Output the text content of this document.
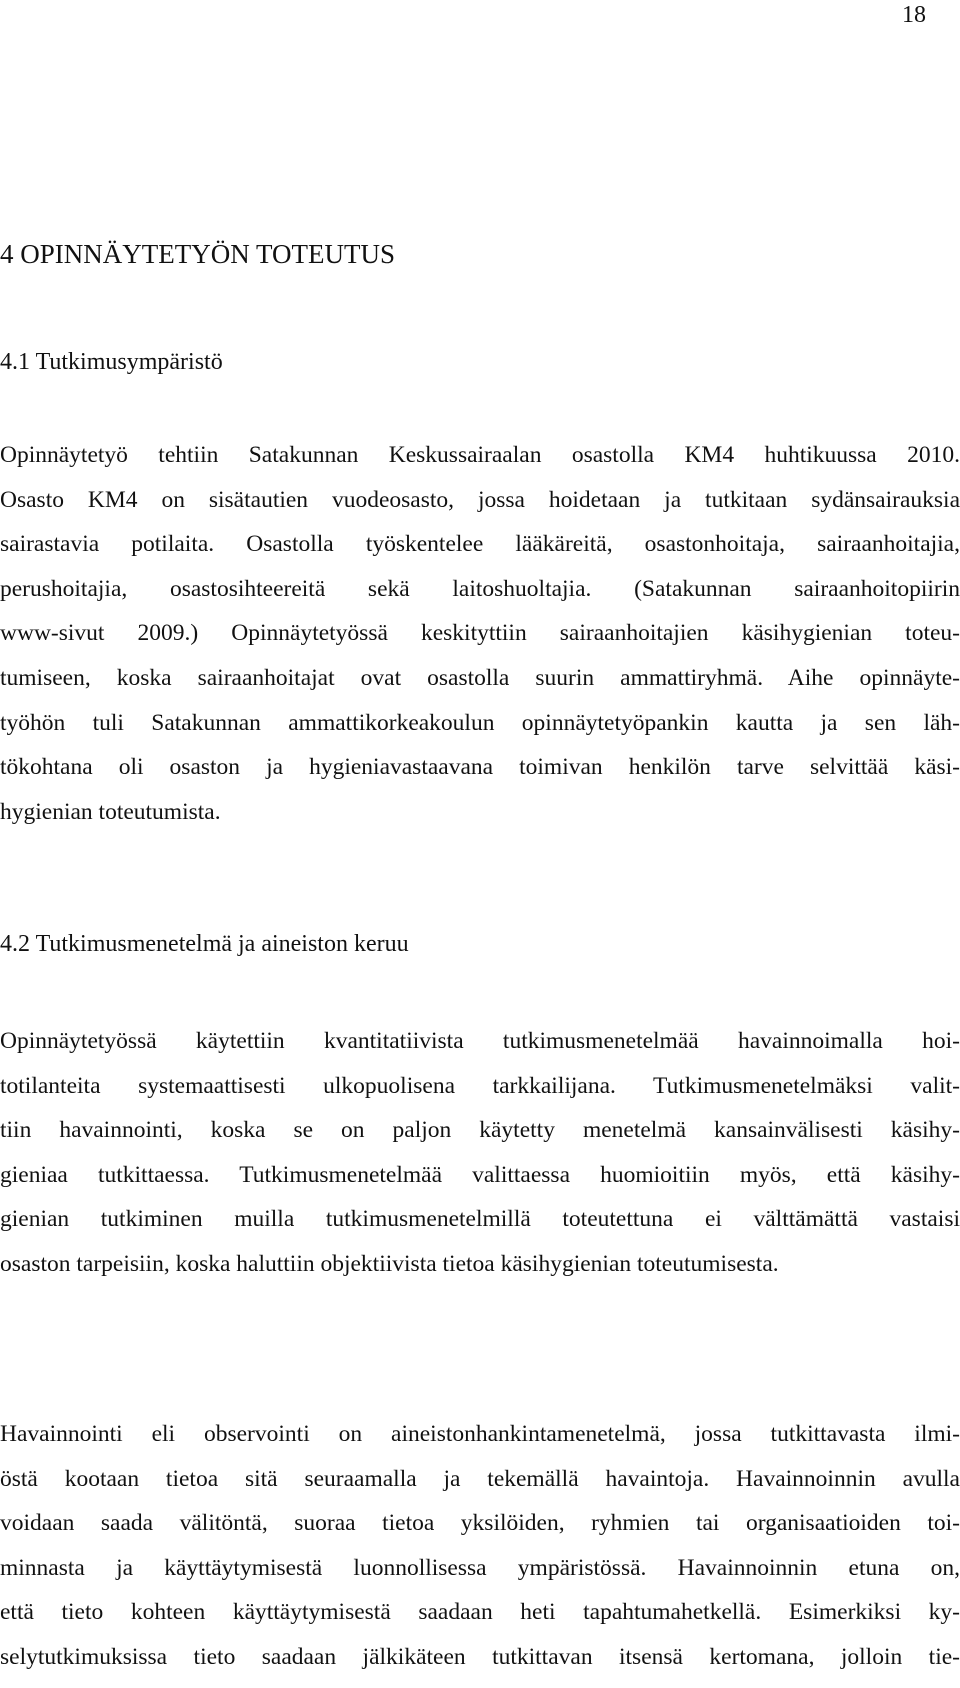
18
4 OPINNÄYTETYÖN TOTEUTUS
4.1 Tutkimusympäristö
Opinnäytetyö tehtiin Satakunnan Keskussairaalan osastolla KM4 huhtikuussa 2010.
Osasto KM4 on sisätautien vuodeosasto, jossa hoidetaan ja tutkitaan sydänsairauksia
sairastavia potilaita. Osastolla työskentelee lääkäreitä, osastonhoitaja, sairaanhoitajia,
perushoitajia, osastosihteereitä sekä laitoshuoltajia. (Satakunnan sairaanhoitopiirin
www-sivut 2009.) Opinnäytetyössä keskityttiin sairaanhoitajien käsihygienian toteu-
tumiseen, koska sairaanhoitajat ovat osastolla suurin ammattiryhmä. Aihe opinnäyte-
työhön tuli Satakunnan ammattikorkeakoulun opinnäytetyöpankin kautta ja sen läh-
tökohtana oli osaston ja hygieniavastaavana toimivan henkilön tarve selvittää käsi-
hygienian toteutumista.
4.2 Tutkimusmenetelmä ja aineiston keruu
Opinnäytetyössä käytettiin kvantitatiivista tutkimusmenetelmää havainnoimalla hoi-
totilanteita systemaattisesti ulkopuolisena tarkkailijana. Tutkimusmenetelmäksi valit-
tiin havainnointi, koska se on paljon käytetty menetelmä kansainvälisesti käsihy-
gieniaa tutkittaessa. Tutkimusmenetelmää valittaessa huomioitiin myös, että käsihy-
gienian tutkiminen muilla tutkimusmenetelmillä toteutettuna ei välttämättä vastaisi
osaston tarpeisiin, koska haluttiin objektiivista tietoa käsihygienian toteutumisesta.
Havainnointi eli observointi on aineistonhankintamenetelmä, jossa tutkittavasta ilmi-
östä kootaan tietoa sitä seuraamalla ja tekemällä havaintoja. Havainnoinnin avulla
voidaan saada välitöntä, suoraa tietoa yksilöiden, ryhmien tai organisaatioiden toi-
minnasta ja käyttäytymisestä luonnollisessa ympäristössä. Havainnoinnin etuna on,
että tieto kohteen käyttäytymisestä saadaan heti tapahtumahetkellä. Esimerkiksi ky-
selytutkimuksissa tieto saadaan jälkikäteen tutkittavan itsensä kertomana, jolloin tie-
